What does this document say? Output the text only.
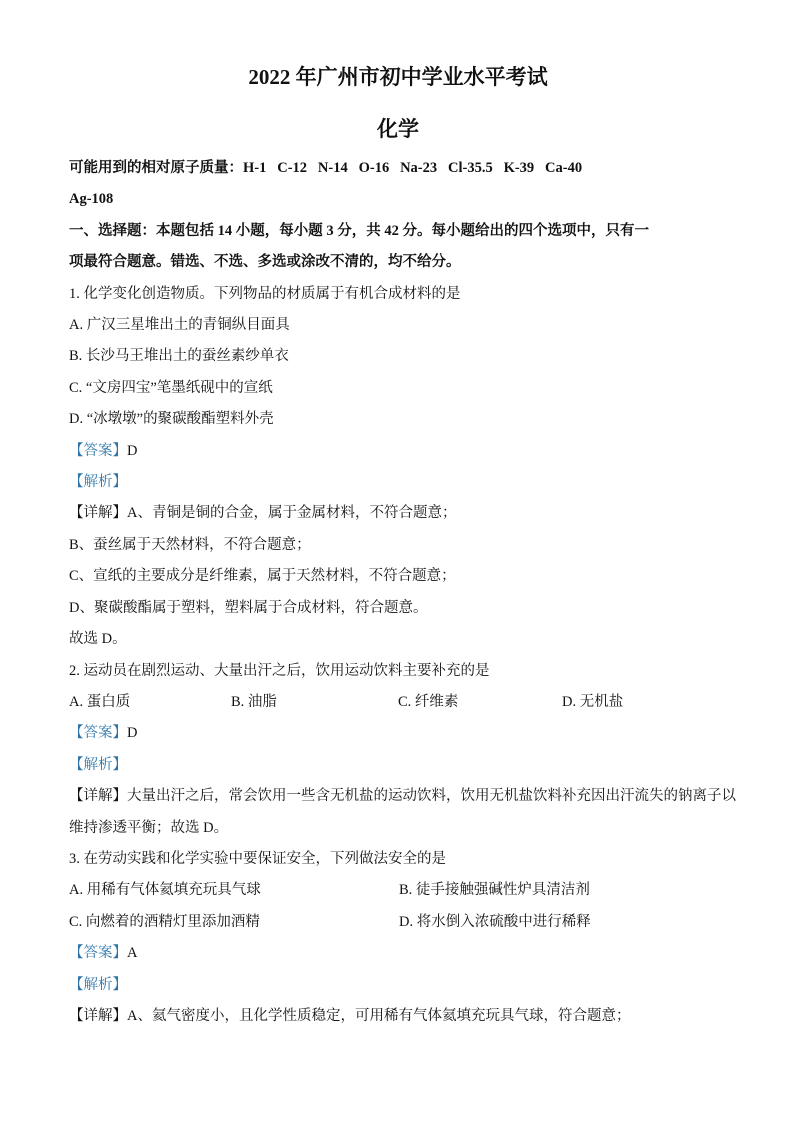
2022 年广州市初中学业水平考试
化学
可能用到的相对原子质量：H-1   C-12   N-14   O-16   Na-23   Cl-35.5   K-39   Ca-40
Ag-108
一、选择题：本题包括 14 小题，每小题 3 分，共 42 分。每小题给出的四个选项中，只有一
项最符合题意。错选、不选、多选或涂改不清的，均不给分。
1. 化学变化创造物质。下列物品的材质属于有机合成材料的是
A. 广汉三星堆出土的青铜纵目面具
B. 长沙马王堆出土的蚕丝素纱单衣
C. “文房四宝”笔墨纸砚中的宣纸
D. “冰墩墩”的聚碳酸酯塑料外壳
【答案】D
【解析】
【详解】A、青铜是铜的合金，属于金属材料，不符合题意；
B、蚕丝属于天然材料，不符合题意；
C、宣纸的主要成分是纤维素，属于天然材料，不符合题意；
D、聚碳酸酯属于塑料，塑料属于合成材料，符合题意。
故选 D。
2. 运动员在剧烈运动、大量出汗之后，饮用运动饮料主要补充的是
A. 蛋白质	B. 油脂	C. 纤维素	D. 无机盐
【答案】D
【解析】
【详解】大量出汗之后，常会饮用一些含无机盐的运动饮料，饮用无机盐饮料补充因出汗流失的钠离子以
维持渗透平衡；故选 D。
3. 在劳动实践和化学实验中要保证安全，下列做法安全的是
A. 用稀有气体氦填充玩具气球	B. 徒手接触强碱性炉具清洁剂
C. 向燃着的酒精灯里添加酒精	D. 将水倒入浓硫酸中进行稀释
【答案】A
【解析】
【详解】A、氦气密度小，且化学性质稳定，可用稀有气体氦填充玩具气球，符合题意；
